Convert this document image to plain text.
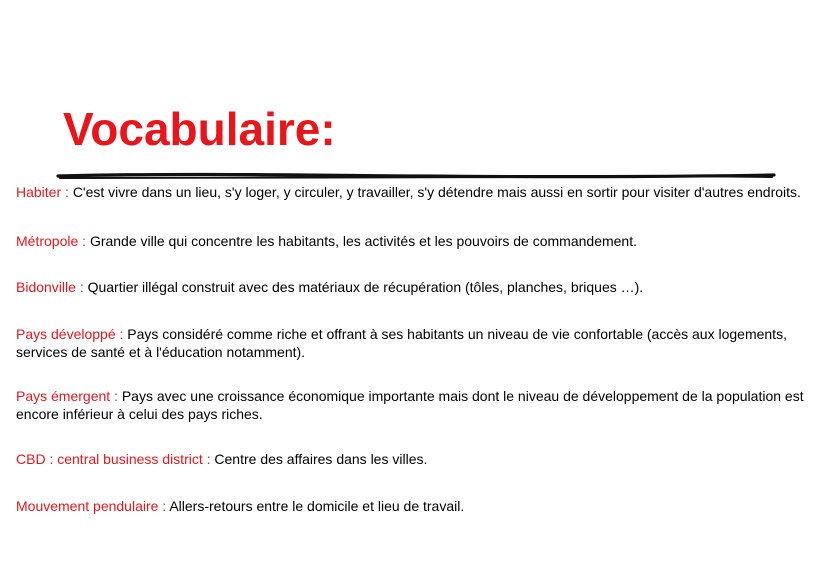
Vocabulaire:

Habiter : C'est vivre dans un lieu, s'y loger, y circuler, y travailler, s'y détendre mais aussi en sortir pour visiter d'autres endroits.

Métropole : Grande ville qui concentre les habitants, les activités et les pouvoirs de commandement.

Bidonville : Quartier illégal construit avec des matériaux de récupération (tôles, planches, briques …).

Pays développé : Pays considéré comme riche et offrant à ses habitants un niveau de vie confortable (accès aux logements, services de santé et à l'éducation notamment).

Pays émergent : Pays avec une croissance économique importante mais dont le niveau de développement de la population est encore inférieur à celui des pays riches.

CBD : central business district : Centre des affaires dans les villes.

Mouvement pendulaire : Allers-retours entre le domicile et lieu de travail.
